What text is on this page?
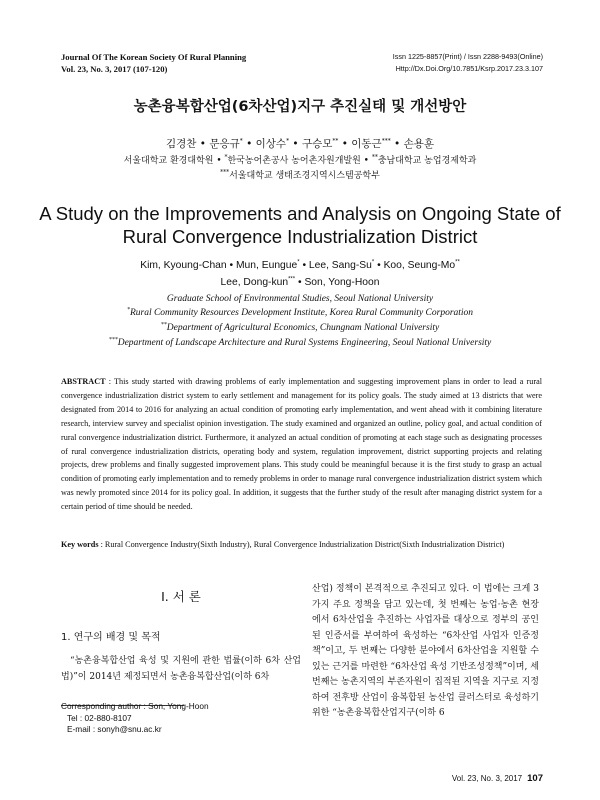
Journal Of The Korean Society Of Rural Planning
Vol. 23, No. 3, 2017 (107-120)
Issn 1225-8857(Print) / Issn 2288-9493(Online)
Http://Dx.Doi.Org/10.7851/Ksrp.2017.23.3.107
농촌융복합산업(6차산업)지구 추진실태 및 개선방안
김경찬 • 문응규* • 이상수* • 구승모** • 이동근*** • 손용훈
서울대학교 환경대학원 • *한국농어촌공사 농어촌자원개발원 • **충남대학교 농업경제학과
***서울대학교 생태조경지역시스템공학부
A Study on the Improvements and Analysis on Ongoing State of
Rural Convergence Industrialization District
Kim, Kyoung-Chan • Mun, Eungue* • Lee, Sang-Su* • Koo, Seung-Mo**
Lee, Dong-kun*** • Son, Yong-Hoon
Graduate School of Environmental Studies, Seoul National University
*Rural Community Resources Development Institute, Korea Rural Community Corporation
**Department of Agricultural Economics, Chungnam National University
***Department of Landscape Architecture and Rural Systems Engineering, Seoul National University
ABSTRACT : This study started with drawing problems of early implementation and suggesting improvement plans in order to lead a rural convergence industrialization district system to early settlement and management for its policy goals. The study aimed at 13 districts that were designated from 2014 to 2016 for analyzing an actual condition of promoting early implementation, and went ahead with it combining literature research, interview survey and specialist opinion investigation. The study examined and organized an outline, policy goal, and actual condition of rural convergence industrialization district. Furthermore, it analyzed an actual condition of promoting at each stage such as designating processes of rural convergence industrialization districts, operating body and system, regulation improvement, district supporting projects and relating projects, drew problems and finally suggested improvement plans. This study could be meaningful because it is the first study to grasp an actual condition of promoting early implementation and to remedy problems in order to manage rural convergence industrialization district system which was newly promoted since 2014 for its policy goal. In addition, it suggests that the further study of the result after managing district system for a certain period of time should be needed.
Key words : Rural Convergence Industry(Sixth Industry), Rural Convergence Industrialization District(Sixth Industrialization District)
I. 서 론
1. 연구의 배경 및 목적
“농촌융복합산업 육성 및 지원에 관한 법률(이하 6차 산업법)”이 2014년 제정되면서 농촌융복합산업(이하 6차
산업) 정책이 본격적으로 추진되고 있다. 이 법에는 크게 3가지 주요 정책을 담고 있는데, 첫 번째는 농업·농촌 현장에서 6차산업을 추진하는 사업자를 대상으로 정부의 공인된 인증서를 부여하여 육성하는 “6차산업 사업자 인증정책”이고, 두 번째는 다양한 분야에서 6차산업을 지원할 수 있는 근거를 마련한 “6차산업 육성 기반조성정책”이며, 세 번째는 농촌지역의 부존자원이 집적된 지역을 지구로 지정하여 전후방 산업이 융복합된 농산업 클러스터로 육성하기 위한 “농촌융복합산업지구(이하 6
Corresponding author : Son, Yong-Hoon
Tel : 02-880-8107
E-mail : sonyh@snu.ac.kr
Vol. 23, No. 3, 2017 107
